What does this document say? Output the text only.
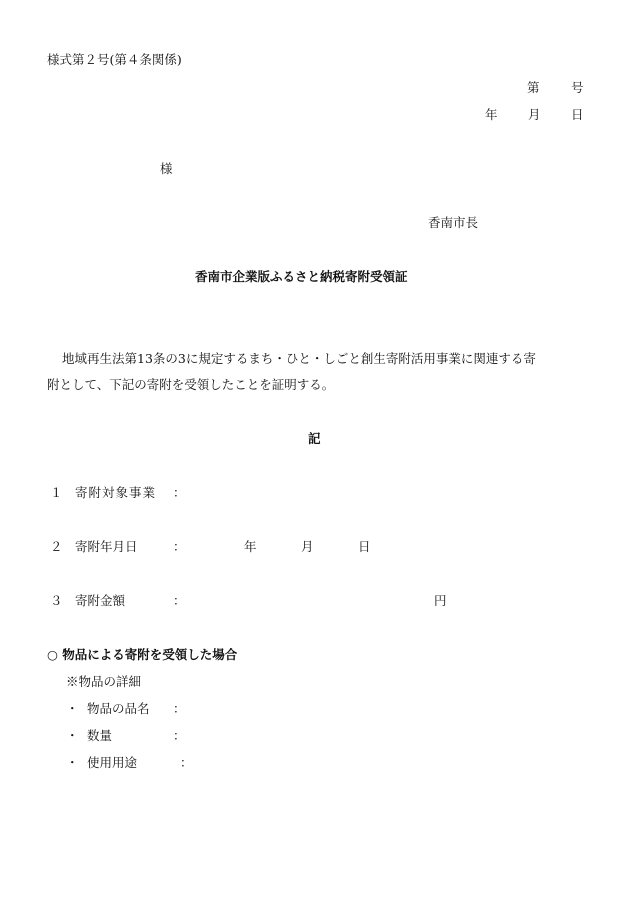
様式第２号(第４条関係)
第	号
年 月 日
様
香南市長
香南市企業版ふるさと納税寄附受領証
地域再生法第13条の3に規定するまち・ひと・しごと創生寄附活用事業に関連する寄
附として、下記の寄附を受領したことを証明する。
記
１ 寄附対象事業 ：
２ 寄附年月日	：	年	月	日
３ 寄附金額	：	円
○ 物品による寄附を受領した場合
※物品の詳細
・ 物品の品名 ：
・ 数量	：
・ 使用用途	：
